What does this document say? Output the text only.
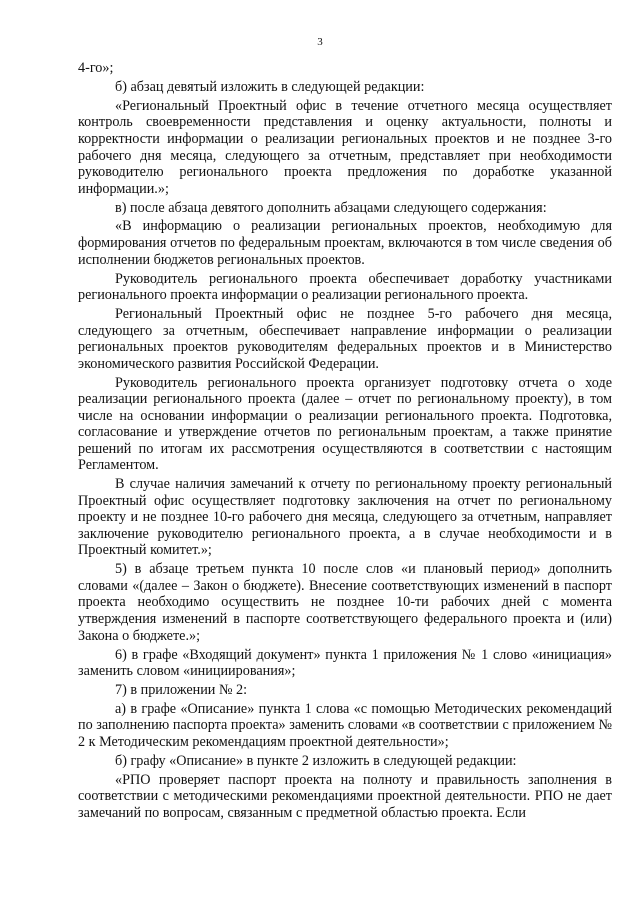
3

4-го»;

б) абзац девятый изложить в следующей редакции:

«Региональный Проектный офис в течение отчетного месяца осуществляет контроль своевременности представления и оценку актуальности, полноты и корректности информации о реализации региональных проектов и не позднее 3-го рабочего дня месяца, следующего за отчетным, представляет при необходимости руководителю регионального проекта предложения по доработке указанной информации.»;

в) после абзаца девятого дополнить абзацами следующего содержания:

«В информацию о реализации региональных проектов, необходимую для формирования отчетов по федеральным проектам, включаются в том числе сведения об исполнении бюджетов региональных проектов.

Руководитель регионального проекта обеспечивает доработку участниками регионального проекта информации о реализации регионального проекта.

Региональный Проектный офис не позднее 5-го рабочего дня месяца, следующего за отчетным, обеспечивает направление информации о реализации региональных проектов руководителям федеральных проектов и в Министерство экономического развития Российской Федерации.

Руководитель регионального проекта организует подготовку отчета о ходе реализации регионального проекта (далее – отчет по региональному проекту), в том числе на основании информации о реализации регионального проекта. Подготовка, согласование и утверждение отчетов по региональным проектам, а также принятие решений по итогам их рассмотрения осуществляются в соответствии с настоящим Регламентом.

В случае наличия замечаний к отчету по региональному проекту региональный Проектный офис осуществляет подготовку заключения на отчет по региональному проекту и не позднее 10-го рабочего дня месяца, следующего за отчетным, направляет заключение руководителю регионального проекта, а в случае необходимости и в Проектный комитет.»;

5) в абзаце третьем пункта 10 после слов «и плановый период» дополнить словами «(далее – Закон о бюджете). Внесение соответствующих изменений в паспорт проекта необходимо осуществить не позднее 10-ти рабочих дней с момента утверждения изменений в паспорте соответствующего федерального проекта и (или) Закона о бюджете.»;

6) в графе «Входящий документ» пункта 1 приложения № 1 слово «инициация» заменить словом «инициирования»;

7) в приложении № 2:

а) в графе «Описание» пункта 1 слова «с помощью Методических рекомендаций по заполнению паспорта проекта» заменить словами «в соответствии с приложением № 2 к Методическим рекомендациям проектной деятельности»;

б) графу «Описание» в пункте 2 изложить в следующей редакции:

«РПО проверяет паспорт проекта на полноту и правильность заполнения в соответствии с методическими рекомендациями проектной деятельности. РПО не дает замечаний по вопросам, связанным с предметной областью проекта. Если
